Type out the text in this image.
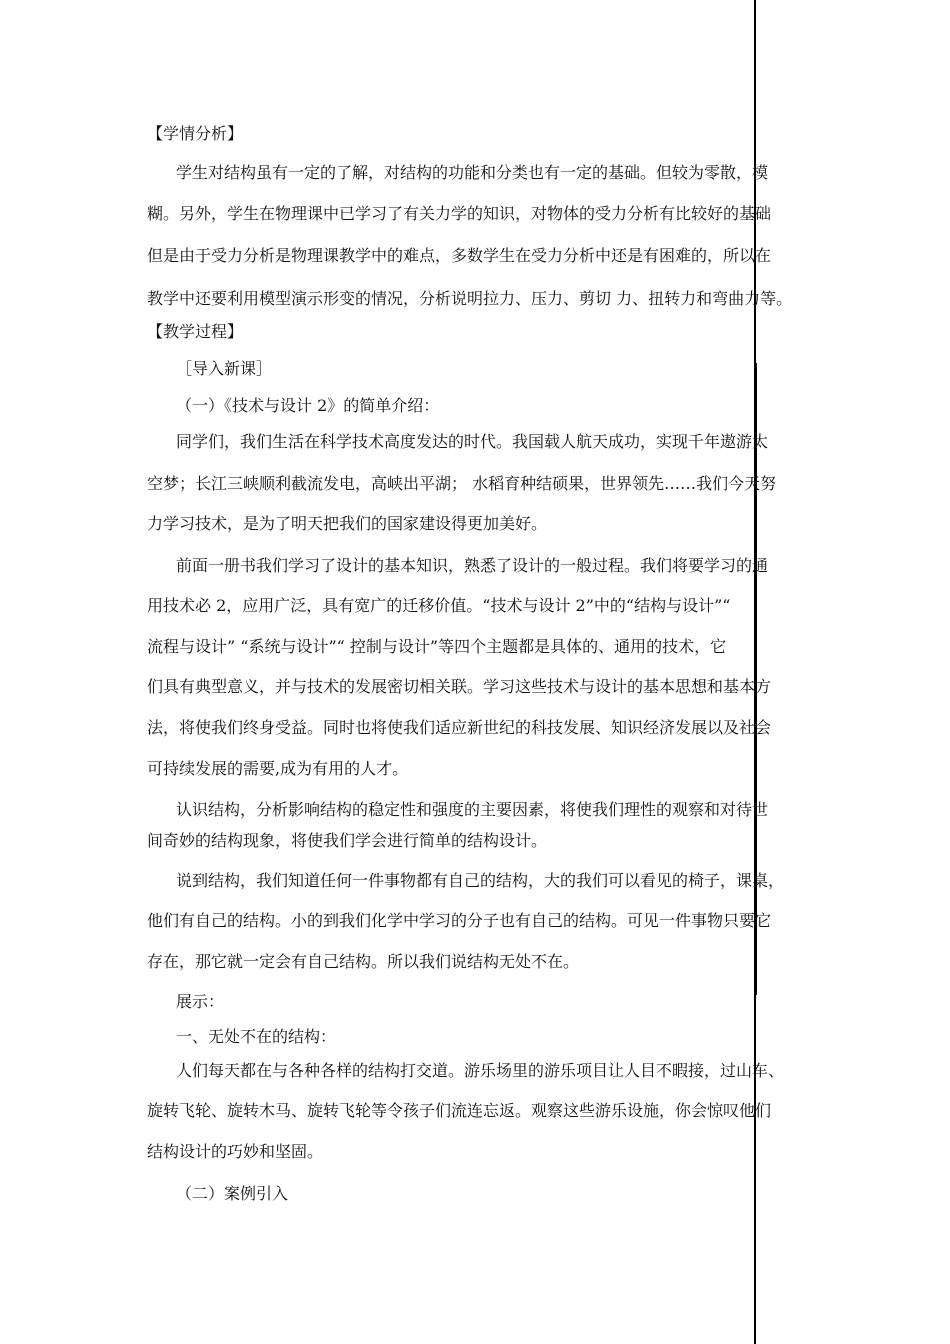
【学情分析】
学生对结构虽有一定的了解，对结构的功能和分类也有一定的基础。但较为零散，模
糊。另外，学生在物理课中已学习了有关力学的知识，对物体的受力分析有比较好的基础
但是由于受力分析是物理课教学中的难点，多数学生在受力分析中还是有困难的，所以在
教学中还要利用模型演示形变的情况，分析说明拉力、压力、剪切 力、扭转力和弯曲力等。
【教学过程】
［导入新课］
（一）《技术与设计 2》的简单介绍：
同学们，我们生活在科学技术高度发达的时代。我国载人航天成功，实现千年遨游太
空梦；长江三峡顺利截流发电，高峡出平湖； 水稻育种结硕果，世界领先……我们今天努
力学习技术，是为了明天把我们的国家建设得更加美好。
前面一册书我们学习了设计的基本知识，熟悉了设计的一般过程。我们将要学习的通
用技术必 2，应用广泛，具有宽广的迁移价值。“技术与设计 2”中的“结构与设计”“
流程与设计” “系统与设计”“ 控制与设计”等四个主题都是具体的、通用的技术，它
们具有典型意义，并与技术的发展密切相关联。学习这些技术与设计的基本思想和基本方
法，将使我们终身受益。同时也将使我们适应新世纪的科技发展、知识经济发展以及社会
可持续发展的需要,成为有用的人才。
认识结构，分析影响结构的稳定性和强度的主要因素，将使我们理性的观察和对待世
间奇妙的结构现象，将使我们学会进行简单的结构设计。
说到结构，我们知道任何一件事物都有自己的结构，大的我们可以看见的椅子，课桌，
他们有自己的结构。小的到我们化学中学习的分子也有自己的结构。可见一件事物只要它
存在，那它就一定会有自己结构。所以我们说结构无处不在。
展示：
一、无处不在的结构：
人们每天都在与各种各样的结构打交道。游乐场里的游乐项目让人目不暇接，过山车、
旋转飞轮、旋转木马、旋转飞轮等令孩子们流连忘返。观察这些游乐设施，你会惊叹他们
结构设计的巧妙和坚固。
（二）案例引入
